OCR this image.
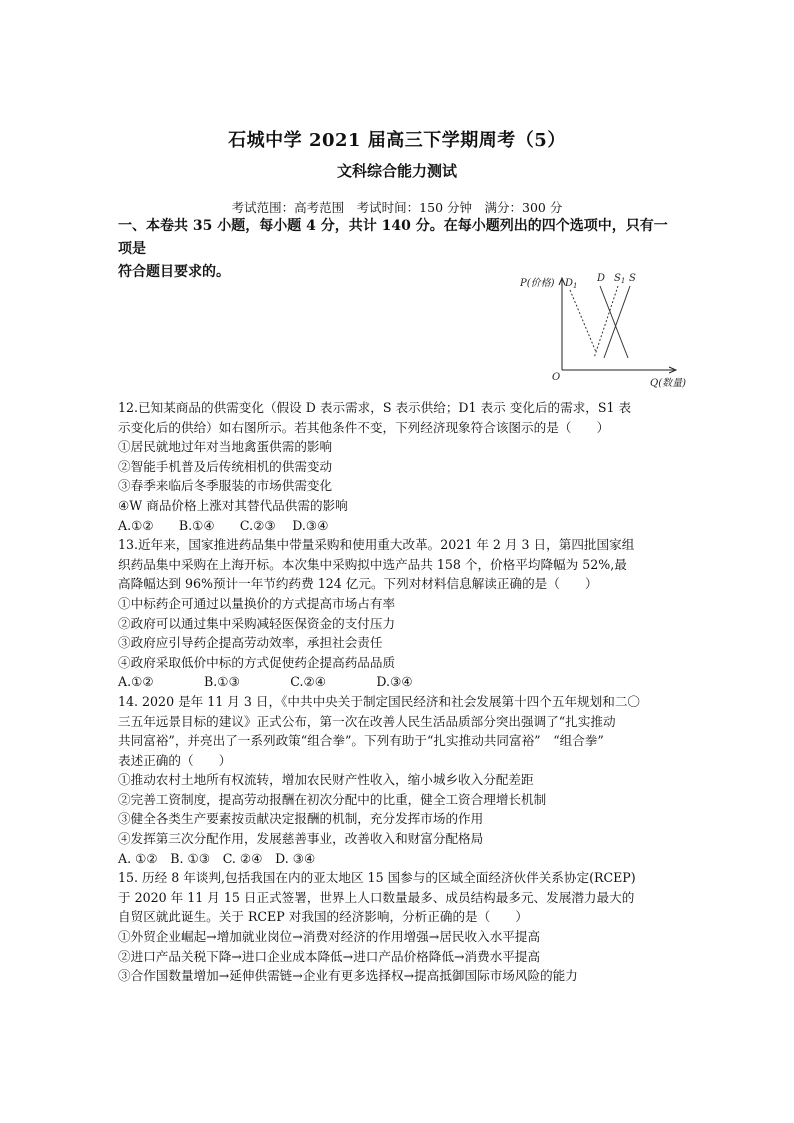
石城中学 2021 届高三下学期周考（5）
文科综合能力测试
考试范围：高考范围　考试时间：150 分钟　满分：300 分
一、本卷共 35 小题，每小题 4 分，共计 140 分。在每小题列出的四个选项中，只有一项是
符合题目要求的。
P(价格)
Q(数量)
O
$D_1$
D $S_1$ S

12.已知某商品的供需变化（假设 D 表示需求，S 表示供给；D1 表示 变化后的需求，S1 表

示变化后的供给）如右图所示。若其他条件不变，下列经济现象符合该图示的是（　　）

①居民就地过年对当地禽蛋供需的影响

②智能手机普及后传统相机的供需变动

③春季来临后冬季服装的市场供需变化

④W 商品价格上涨对其替代品供需的影响

A.①②　　B.①④　　C.②③　 D.③④

13.近年来，国家推进药品集中带量采购和使用重大改革。2021 年 2 月 3 日，第四批国家组

织药品集中采购在上海开标。本次集中采购拟中选产品共 158 个，价格平均降幅为 52%,最

高降幅达到 96%预计一年节约药费 124 亿元。下列对材料信息解读正确的是（　　）

①中标药企可通过以量换价的方式提高市场占有率

②政府可以通过集中采购减轻医保资金的支付压力

③政府应引导药企提高劳动效率，承担社会责任

④政府采取低价中标的方式促使药企提高药品品质

A.①②　　　　B.①③　　　　C.②④　　　　D.③④

14. 2020 是年 11 月 3 日，《中共中央关于制定国民经济和社会发展第十四个五年规划和二〇

三五年远景目标的建议》正式公布，第一次在改善人民生活品质部分突出强调了“扎实推动

共同富裕”，并亮出了一系列政策“组合拳”。下列有助于“扎实推动共同富裕”　“组合拳”

表述正确的（　　）

①推动农村土地所有权流转，增加农民财产性收入，缩小城乡收入分配差距

②完善工资制度，提高劳动报酬在初次分配中的比重，健全工资合理增长机制

③健全各类生产要素按贡献决定报酬的机制，充分发挥市场的作用

④发挥第三次分配作用，发展慈善事业，改善收入和财富分配格局

A. ①②　B. ①③　C. ②④　D. ③④

15. 历经 8 年谈判,包括我国在内的亚太地区 15 国参与的区域全面经济伙伴关系协定(RCEP)

于 2020 年 11 月 15 日正式签署，世界上人口数量最多、成员结构最多元、发展潜力最大的

自贸区就此诞生。关于 RCEP 对我国的经济影响，分析正确的是（　　）

①外贸企业崛起→增加就业岗位→消费对经济的作用增强→居民收入水平提高

②进口产品关税下降→进口企业成本降低→进口产品价格降低→消费水平提高

③合作国数量增加→延伸供需链→企业有更多选择权→提高抵御国际市场风险的能力
